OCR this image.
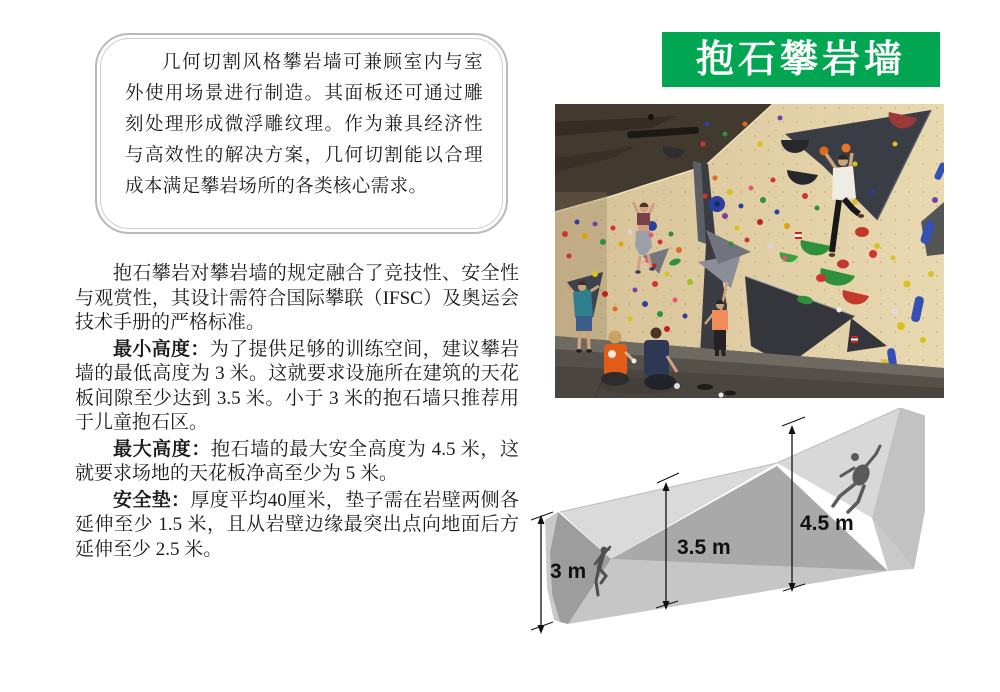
几何切割风格攀岩墙可兼顾室内与室外使用场景进行制造。其面板还可通过雕刻处理形成微浮雕纹理。作为兼具经济性与高效性的解决方案，几何切割能以合理成本满足攀岩场所的各类核心需求。
抱石攀岩墙

抱石攀岩对攀岩墙的规定融合了竞技性、安全性与观赏性，其设计需符合国际攀联（IFSC）及奥运会技术手册的严格标准。

最小高度：为了提供足够的训练空间，建议攀岩墙的最低高度为 3 米。这就要求设施所在建筑的天花板间隙至少达到 3.5 米。小于 3 米的抱石墙只推荐用于儿童抱石区。

最大高度：抱石墙的最大安全高度为 4.5 米，这就要求场地的天花板净高至少为 5 米。

安全垫：厚度平均40厘米，垫子需在岩壁两侧各延伸至少 1.5 米，且从岩壁边缘最突出点向地面后方延伸至少 2.5 米。

3 m
3.5 m
4.5 m
